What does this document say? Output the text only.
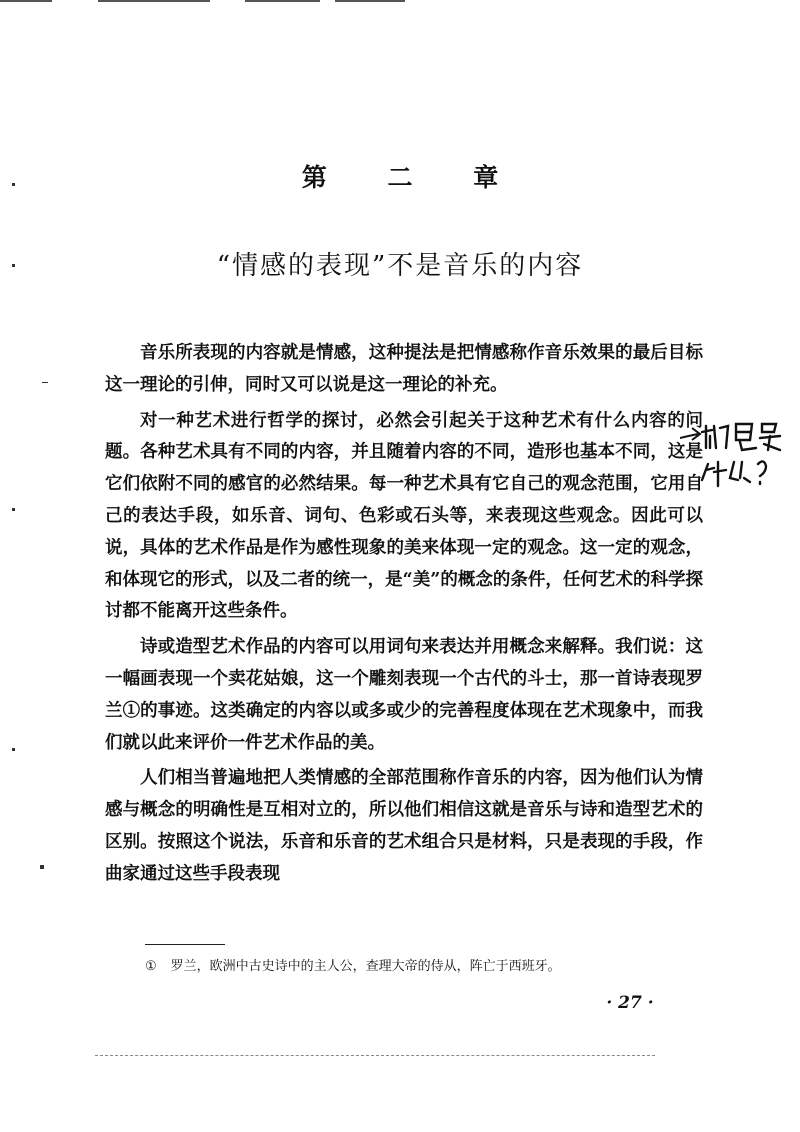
第 二 章
“情感的表现”不是音乐的内容

音乐所表现的内容就是情感，这种提法是把情感称作音乐效果的最后目标这一理论的引伸，同时又可以说是这一理论的补充。

对一种艺术进行哲学的探讨，必然会引起关于这种艺术有什么内容的问题。各种艺术具有不同的内容，并且随着内容的不同，造形也基本不同，这是它们依附不同的感官的必然结果。每一种艺术具有它自己的观念范围，它用自己的表达手段，如乐音、词句、色彩或石头等，来表现这些观念。因此可以说，具体的艺术作品是作为感性现象的美来体现一定的观念。这一定的观念，和体现它的形式，以及二者的统一，是“美”的概念的条件，任何艺术的科学探讨都不能离开这些条件。

诗或造型艺术作品的内容可以用词句来表达并用概念来解释。我们说：这一幅画表现一个卖花姑娘，这一个雕刻表现一个古代的斗士，那一首诗表现罗兰①的事迹。这类确定的内容以或多或少的完善程度体现在艺术现象中，而我们就以此来评价一件艺术作品的美。

人们相当普遍地把人类情感的全部范围称作音乐的内容，因为他们认为情感与概念的明确性是互相对立的，所以他们相信这就是音乐与诗和造型艺术的区别。按照这个说法，乐音和乐音的艺术组合只是材料，只是表现的手段，作曲家通过这些手段表现

① 罗兰，欧洲中古史诗中的主人公，查理大帝的侍从，阵亡于西班牙。
· 27 ·
